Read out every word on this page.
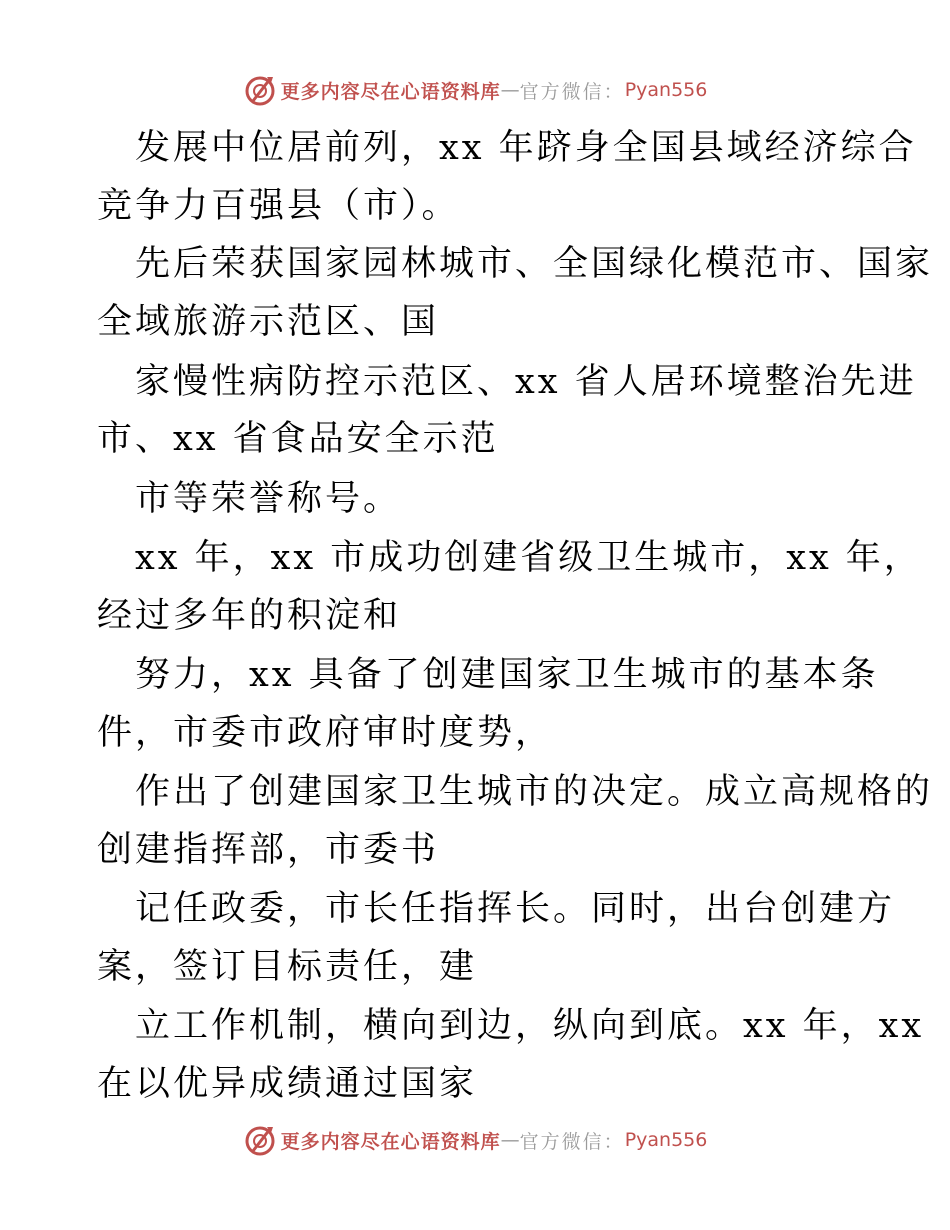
更多内容尽在心语资料库 — 官方微信： Pyan556
发展中位居前列，xx 年跻身全国县域经济综合
竞争力百强县（市）。
先后荣获国家园林城市、全国绿化模范市、国家
全域旅游示范区、国
家慢性病防控示范区、xx 省人居环境整治先进
市、xx 省食品安全示范
市等荣誉称号。
xx 年，xx 市成功创建省级卫生城市，xx 年，
经过多年的积淀和
努力，xx 具备了创建国家卫生城市的基本条
件，市委市政府审时度势，
作出了创建国家卫生城市的决定。成立高规格的
创建指挥部，市委书
记任政委，市长任指挥长。同时，出台创建方
案，签订目标责任，建
立工作机制，横向到边，纵向到底。xx 年，xx
在以优异成绩通过国家
更多内容尽在心语资料库 — 官方微信： Pyan556
